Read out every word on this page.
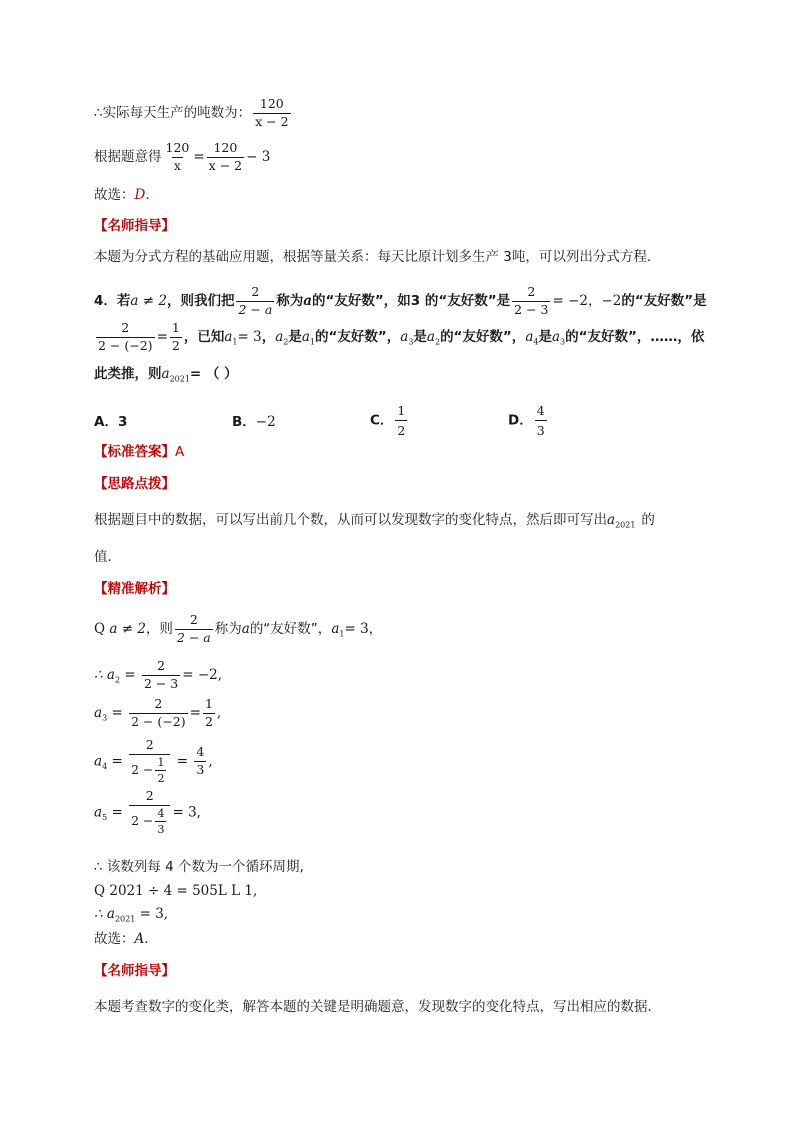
∴实际每天生产的吨数为： $\frac{120}{x - 2}$
根据题意得 $\frac{120}{x} = \frac{120}{x - 2} - 3$
故选：D.
【名师指导】
本题为分式方程的基础应用题，根据等量关系：每天比原计划多生产 3吨，可以列出分式方程．
4．若a ≠ 2，则我们把 $\frac{2}{2 - a}$ 称为a的“友好数”，如3 的“友好数”是 $\frac{2}{2 - 3} = -2$，−2的“友好数”是
$\frac{2}{2 - (-2)} = \frac{1}{2}$ ，已知$a_1= 3$，$a_2$是$a_1$的“友好数”，$a_3$是$a_2$的“友好数”，$a_4$是$a_3$的“友好数”，……，依
此类推，则$a_{2021}=$ （ ）
A．3	B．−2	C． $\frac{1}{2}$	D． $\frac{4}{3}$
【标准答案】A
【思路点拨】
根据题目中的数据，可以写出前几个数，从而可以发现数字的变化特点，然后即可写出$a_{2021}$ 的
值．
【精准解析】
Q a ≠ 2，则 $\frac{2}{2 - a}$ 称为a的“友好数”，$a_1= 3$，
∴ $a_2 = \frac{2}{2 - 3} = -2$,
$a_3 = \frac{2}{2 - (-2)} = \frac{1}{2}$ ,
$a_4 = \frac{2}{2 - \frac{1}{2}} = \frac{4}{3}$ ,
$a_5 = \frac{2}{2 - \frac{4}{3}} = 3$,
∴ 该数列每 4 个数为一个循环周期,
Q 2021 ÷ 4 = 505L L 1,
∴ $a_{2021} = 3$,
故选：A．
【名师指导】
本题考查数字的变化类，解答本题的关键是明确题意，发现数字的变化特点，写出相应的数据．
